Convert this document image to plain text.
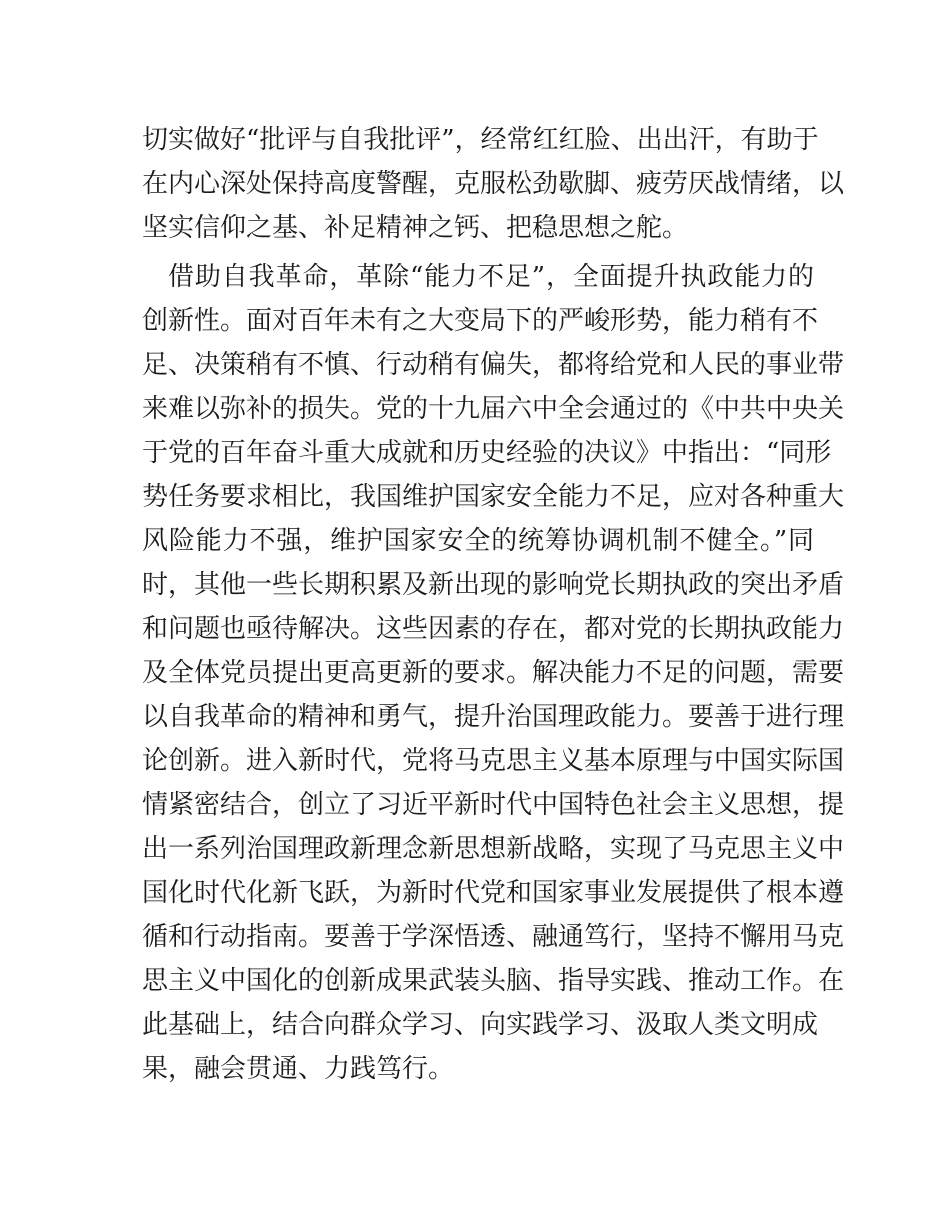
切实做好“批评与自我批评”，经常红红脸、出出汗，有助于
在内心深处保持高度警醒，克服松劲歇脚、疲劳厌战情绪，以
坚实信仰之基、补足精神之钙、把稳思想之舵。
借助自我革命，革除“能力不足”，全面提升执政能力的
创新性。面对百年未有之大变局下的严峻形势，能力稍有不
足、决策稍有不慎、行动稍有偏失，都将给党和人民的事业带
来难以弥补的损失。党的十九届六中全会通过的《中共中央关
于党的百年奋斗重大成就和历史经验的决议》中指出：“同形
势任务要求相比，我国维护国家安全能力不足，应对各种重大
风险能力不强，维护国家安全的统筹协调机制不健全。”同
时，其他一些长期积累及新出现的影响党长期执政的突出矛盾
和问题也亟待解决。这些因素的存在，都对党的长期执政能力
及全体党员提出更高更新的要求。解决能力不足的问题，需要
以自我革命的精神和勇气，提升治国理政能力。要善于进行理
论创新。进入新时代，党将马克思主义基本原理与中国实际国
情紧密结合，创立了习近平新时代中国特色社会主义思想，提
出一系列治国理政新理念新思想新战略，实现了马克思主义中
国化时代化新飞跃，为新时代党和国家事业发展提供了根本遵
循和行动指南。要善于学深悟透、融通笃行，坚持不懈用马克
思主义中国化的创新成果武装头脑、指导实践、推动工作。在
此基础上，结合向群众学习、向实践学习、汲取人类文明成
果，融会贯通、力践笃行。
